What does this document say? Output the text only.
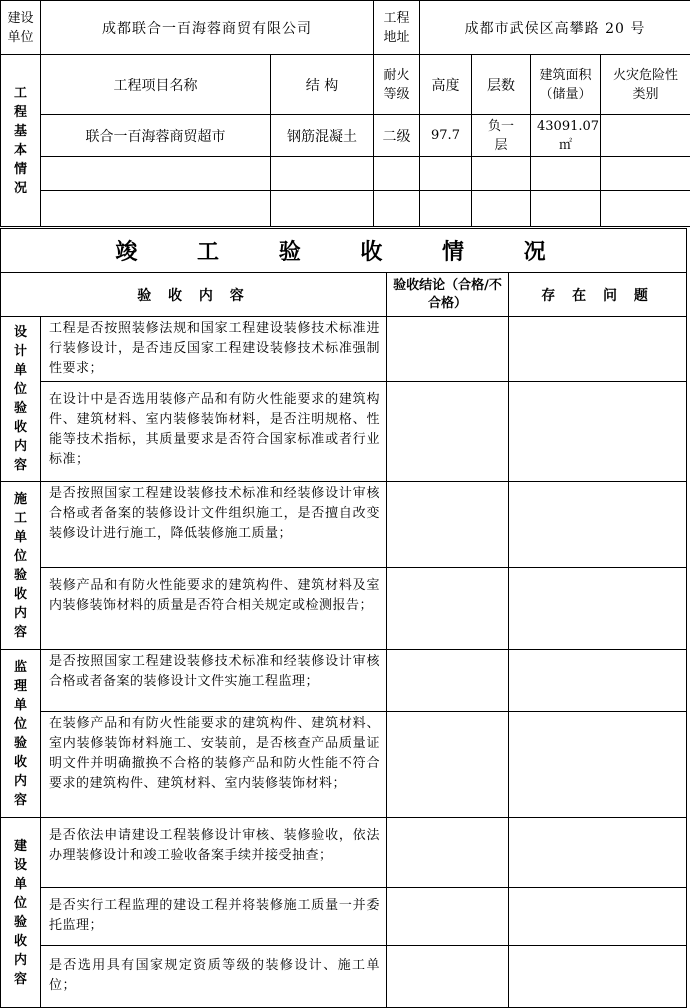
建设单位	成都联合一百海蓉商贸有限公司		工程地址	成都市武侯区高攀路 20 号			

工程基本情况	工程项目名称	结 构	耐火等级	高度	层数	建筑面积（储量）	火灾危险性类别
	联合一百海蓉商贸超市	钢筋混凝土	二级	97.7	负一层	43091.07 ㎡	

竣 工 验 收 情 况			
验 收 内 容		验收结论（合格/不合格）	存 在 问 题

设计单位验收内容	工程是否按照装修法规和国家工程建设装修技术标准进行装修设计，是否违反国家工程建设装修技术标准强制性要求；		
	在设计中是否选用装修产品和有防火性能要求的建筑构件、建筑材料、室内装修装饰材料，是否注明规格、性能等技术指标，其质量要求是否符合国家标准或者行业标准；		

施工单位验收内容	是否按照国家工程建设装修技术标准和经装修设计审核合格或者备案的装修设计文件组织施工，是否擅自改变装修设计进行施工，降低装修施工质量；		
	装修产品和有防火性能要求的建筑构件、建筑材料及室内装修装饰材料的质量是否符合相关规定或检测报告；		

监理单位验收内容	是否按照国家工程建设装修技术标准和经装修设计审核合格或者备案的装修设计文件实施工程监理；		
	在装修产品和有防火性能要求的建筑构件、建筑材料、室内装修装饰材料施工、安装前，是否核查产品质量证明文件并明确撤换不合格的装修产品和防火性能不符合要求的建筑构件、建筑材料、室内装修装饰材料；		

建设单位验收内容	是否依法申请建设工程装修设计审核、装修验收，依法办理装修设计和竣工验收备案手续并接受抽查；		
	是否实行工程监理的建设工程并将装修施工质量一并委托监理；		
	是否选用具有国家规定资质等级的装修设计、施工单位；		
